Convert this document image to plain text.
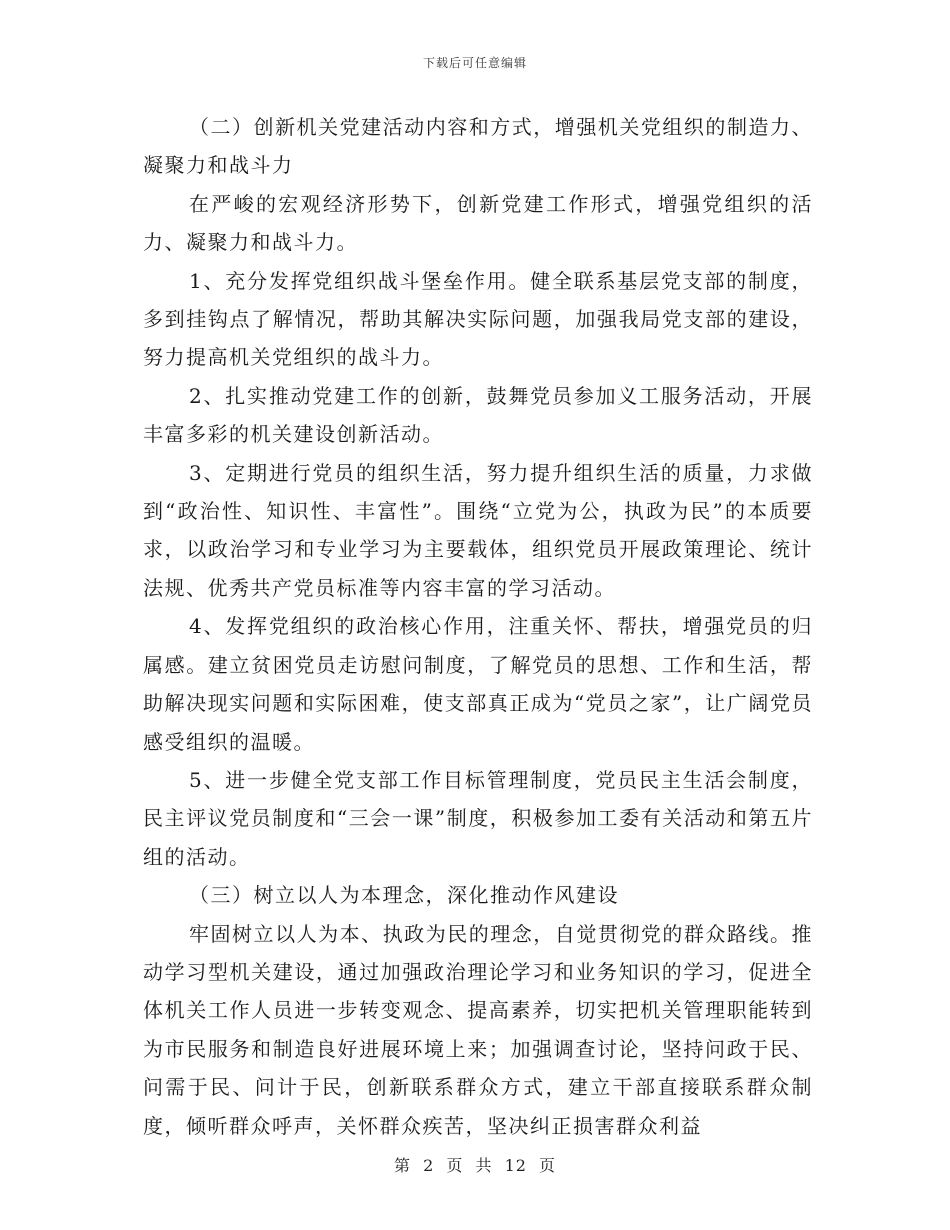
下载后可任意编辑

（二）创新机关党建活动内容和方式，增强机关党组织的制造力、凝聚力和战斗力

在严峻的宏观经济形势下，创新党建工作形式，增强党组织的活力、凝聚力和战斗力。

1、充分发挥党组织战斗堡垒作用。健全联系基层党支部的制度，多到挂钩点了解情况，帮助其解决实际问题，加强我局党支部的建设，努力提高机关党组织的战斗力。

2、扎实推动党建工作的创新，鼓舞党员参加义工服务活动，开展丰富多彩的机关建设创新活动。

3、定期进行党员的组织生活，努力提升组织生活的质量，力求做到“政治性、知识性、丰富性”。围绕“立党为公，执政为民”的本质要求，以政治学习和专业学习为主要载体，组织党员开展政策理论、统计法规、优秀共产党员标准等内容丰富的学习活动。

4、发挥党组织的政治核心作用，注重关怀、帮扶，增强党员的归属感。建立贫困党员走访慰问制度，了解党员的思想、工作和生活，帮助解决现实问题和实际困难，使支部真正成为“党员之家”，让广阔党员感受组织的温暖。

5、进一步健全党支部工作目标管理制度，党员民主生活会制度，民主评议党员制度和“三会一课”制度，积极参加工委有关活动和第五片组的活动。

（三）树立以人为本理念，深化推动作风建设

牢固树立以人为本、执政为民的理念，自觉贯彻党的群众路线。推动学习型机关建设，通过加强政治理论学习和业务知识的学习，促进全体机关工作人员进一步转变观念、提高素养，切实把机关管理职能转到为市民服务和制造良好进展环境上来；加强调查讨论，坚持问政于民、问需于民、问计于民，创新联系群众方式，建立干部直接联系群众制度，倾听群众呼声，关怀群众疾苦，坚决纠正损害群众利益

第 2 页 共 12 页
